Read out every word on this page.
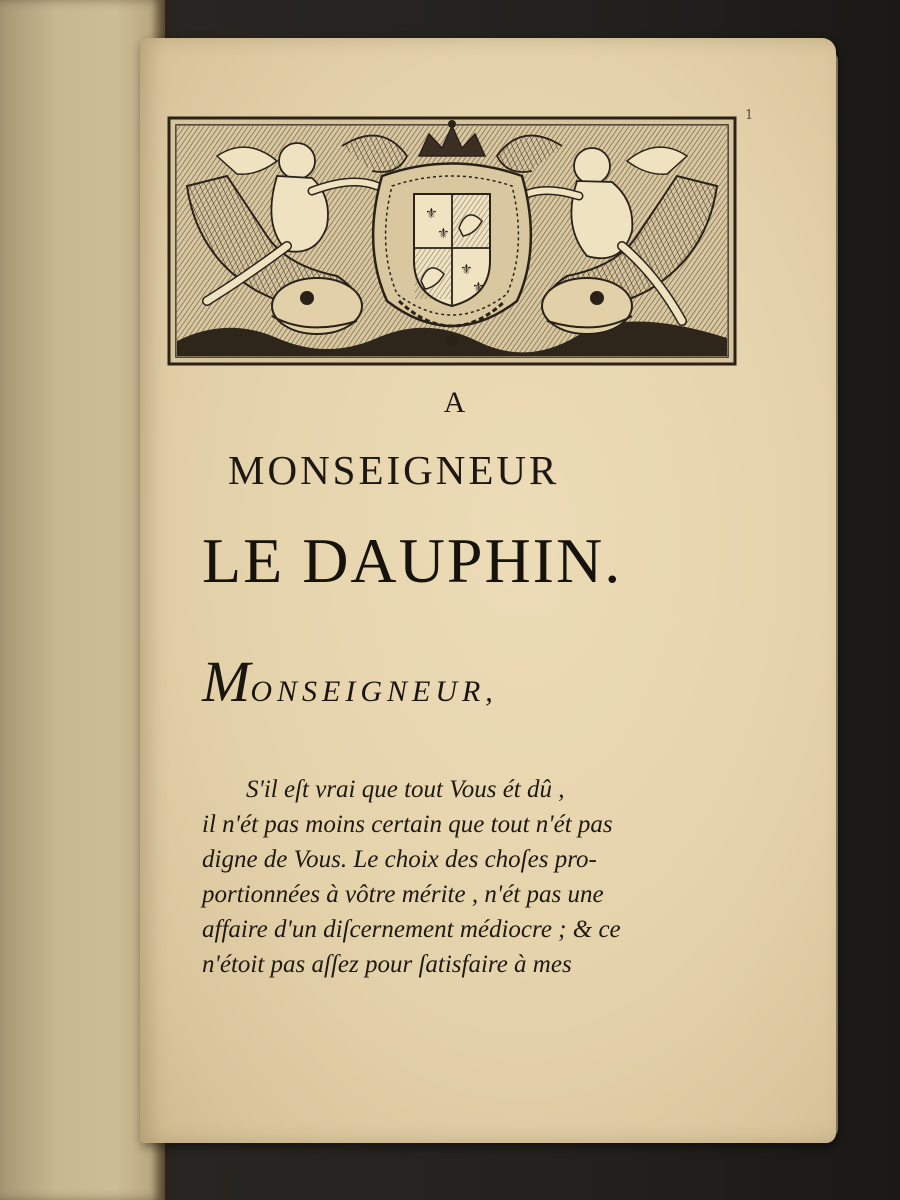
1
⚜
⚜
⚜
⚜
A
MONSEIGNEUR
LE DAUPHIN.
MONSEIGNEUR,
S'il eſt vrai que tout Vous ét dû ,
il n'ét pas moins certain que tout n'ét pas
digne de Vous. Le choix des choſes pro-
portionnées à vôtre mérite , n'ét pas une
affaire d'un diſcernement médiocre ; & ce
n'étoit pas aſſez pour ſatisfaire à mes
